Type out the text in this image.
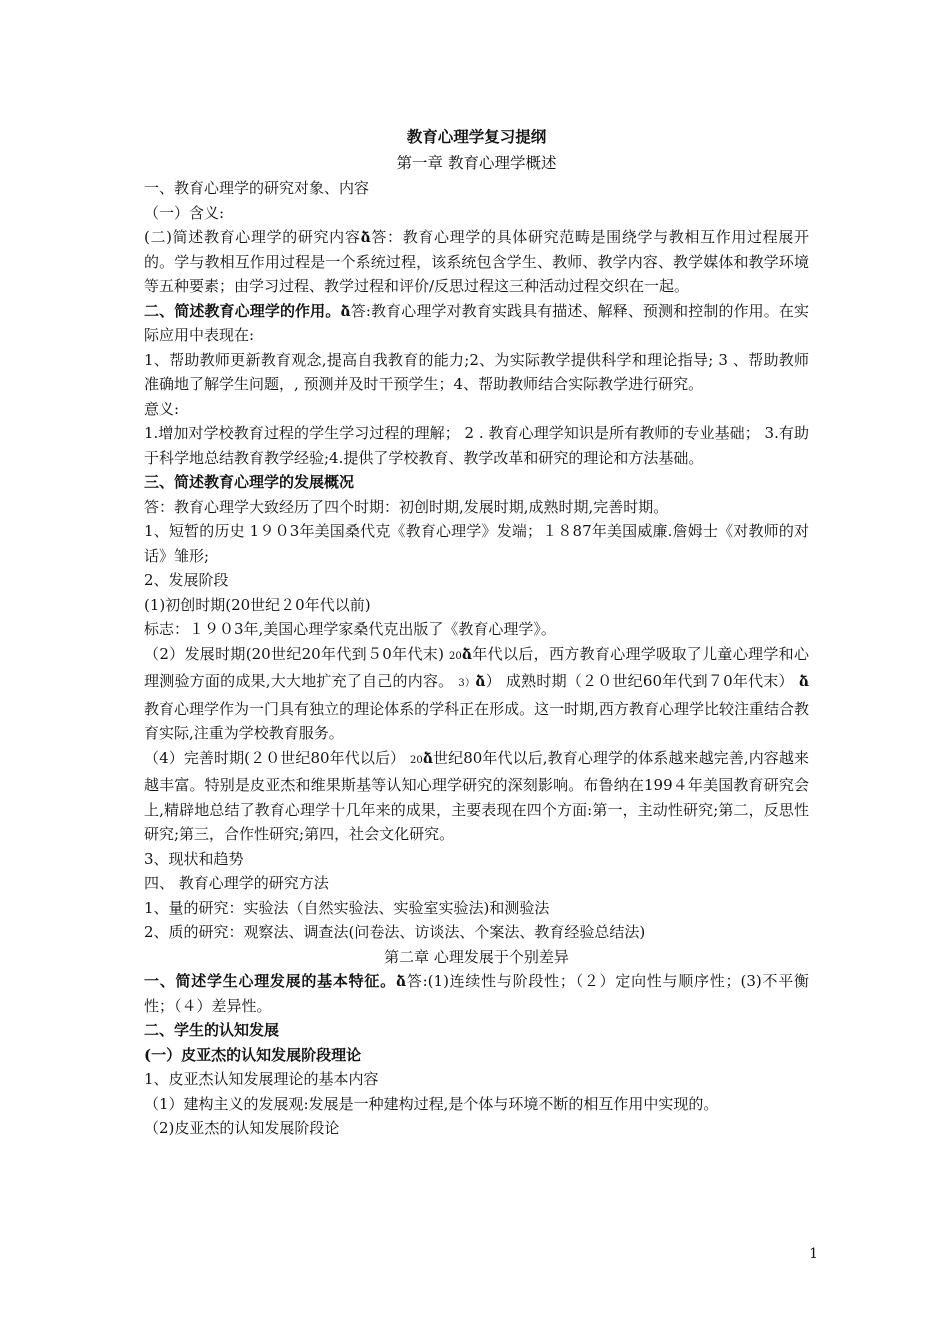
教育心理学复习提纲

第一章 教育心理学概述

一、教育心理学的研究对象、内容

（一）含义:

(二)简述教育心理学的研究内容ձ答：教育心理学的具体研究范畴是围绕学与教相互作用过程展开的。学与教相互作用过程是一个系统过程，该系统包含学生、教师、教学内容、教学媒体和教学环境等五种要素；由学习过程、教学过程和评价/反思过程这三种活动过程交织在一起。

二、简述教育心理学的作用。ձ答:教育心理学对教育实践具有描述、解释、预测和控制的作用。在实际应用中表现在:

1、帮助教师更新教育观念,提高自我教育的能力;2、为实际教学提供科学和理论指导; 3 、帮助教师准确地了解学生问题，, 预测并及时干预学生；4、帮助教师结合实际教学进行研究。

意义:

1.增加对学校教育过程的学生学习过程的理解； 2 . 教育心理学知识是所有教师的专业基础； 3.有助于科学地总结教育教学经验;4.提供了学校教育、教学改革和研究的理论和方法基础。

三、简述教育心理学的发展概况

答：教育心理学大致经历了四个时期：初创时期,发展时期,成熟时期,完善时期。

1、短暂的历史 1９０3年美国桑代克《教育心理学》发端；１８87年美国威廉.詹姆士《对教师的对话》雏形;

2、发展阶段

(1)初创时期(20世纪２0年代以前)

标志：１９０3年,美国心理学家桑代克出版了《教育心理学》。

（2）发展时期(20世纪20年代到５0年代末) 20ձ年代以后，西方教育心理学吸取了儿童心理学和心理测验方面的成果,大大地扩充了自己的内容。 3）ձ） 成熟时期（２０世纪60年代到７0年代末） ձ教育心理学作为一门具有独立的理论体系的学科正在形成。这一时期,西方教育心理学比较注重结合教育实际,注重为学校教育服务。

（4）完善时期(２０世纪80年代以后） 20ձ世纪80年代以后,教育心理学的体系越来越完善,内容越来越丰富。特别是皮亚杰和维果斯基等认知心理学研究的深刻影响。布鲁纳在199４年美国教育研究会上,精辟地总结了教育心理学十几年来的成果，主要表现在四个方面:第一，主动性研究;第二，反思性研究;第三，合作性研究;第四，社会文化研究。

3、现状和趋势

四、 教育心理学的研究方法

1、量的研究：实验法（自然实验法、实验室实验法)和测验法

2、质的研究：观察法、调查法(问卷法、访谈法、个案法、教育经验总结法)

第二章 心理发展于个别差异

一、简述学生心理发展的基本特征。ձ答:(1)连续性与阶段性；（２）定向性与顺序性；(3)不平衡性；（４）差异性。

二、学生的认知发展

(一）皮亚杰的认知发展阶段理论

1、皮亚杰认知发展理论的基本内容

（1）建构主义的发展观:发展是一种建构过程,是个体与环境不断的相互作用中实现的。

（2)皮亚杰的认知发展阶段论

1
